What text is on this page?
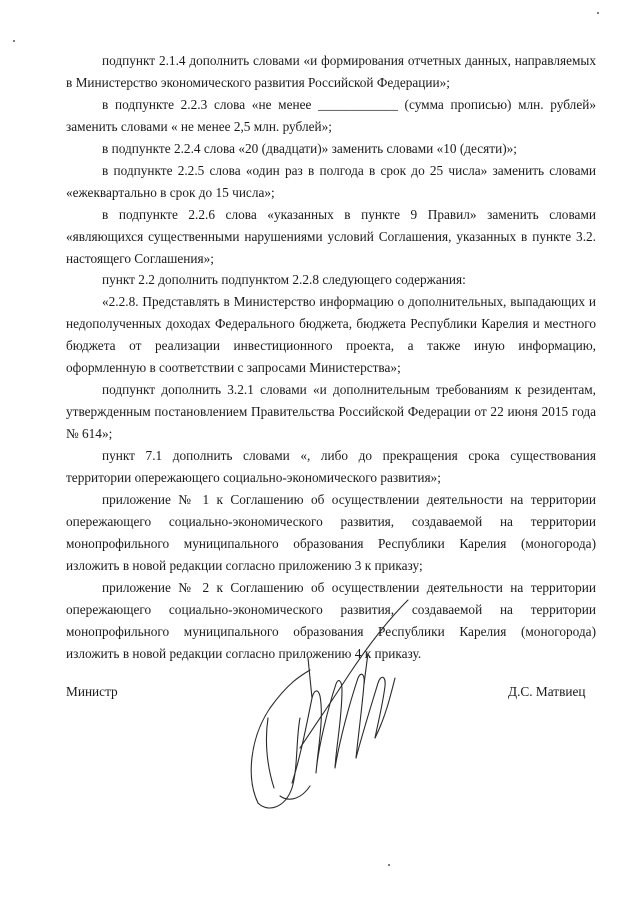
подпункт 2.1.4 дополнить словами «и формирования отчетных данных, направляемых в Министерство экономического развития Российской Федерации»;

в подпункте 2.2.3 слова «не менее ____________ (сумма прописью) млн. рублей» заменить словами « не менее 2,5 млн. рублей»;

в подпункте 2.2.4 слова «20 (двадцати)» заменить словами «10 (десяти)»;

в подпункте 2.2.5 слова «один раз в полгода в срок до 25 числа» заменить словами «ежеквартально в срок до 15 числа»;

в подпункте 2.2.6 слова «указанных в пункте 9 Правил» заменить словами «являющихся существенными нарушениями условий Соглашения, указанных в пункте 3.2. настоящего Соглашения»;

пункт 2.2 дополнить подпунктом 2.2.8 следующего содержания:

«2.2.8. Представлять в Министерство информацию о дополнительных, выпадающих и недополученных доходах Федерального бюджета, бюджета Республики Карелия и местного бюджета от реализации инвестиционного проекта, а также иную информацию, оформленную в соответствии с запросами Министерства»;

подпункт дополнить 3.2.1 словами «и дополнительным требованиям к резидентам, утвержденным постановлением Правительства Российской Федерации от 22 июня 2015 года № 614»;

пункт 7.1 дополнить словами «, либо до прекращения срока существования территории опережающего социально-экономического развития»;

приложение № 1 к Соглашению об осуществлении деятельности на территории опережающего социально-экономического развития, создаваемой на территории монопрофильного муниципального образования Республики Карелия (моногорода) изложить в новой редакции согласно приложению 3 к приказу;

приложение № 2 к Соглашению об осуществлении деятельности на территории опережающего социально-экономического развития, создаваемой на территории монопрофильного муниципального образования Республики Карелия (моногорода) изложить в новой редакции согласно приложению 4 к приказу.

Министр	Д.С. Матвиец
